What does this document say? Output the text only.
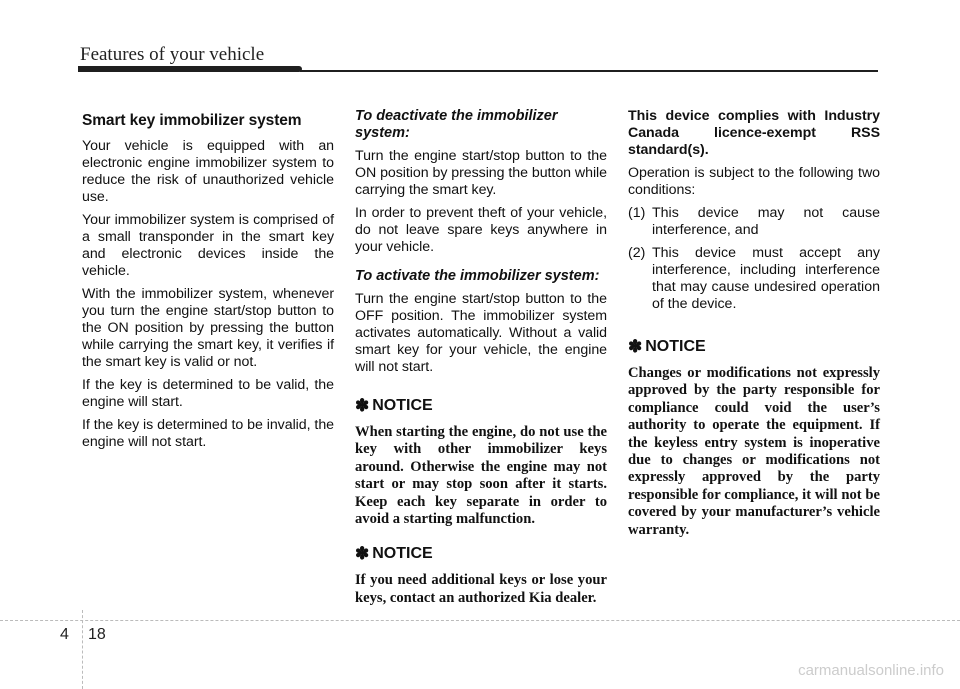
Features of your vehicle
Smart key immobilizer system

Your vehicle is equipped with an electronic engine immobilizer system to reduce the risk of unauthorized vehicle use.

Your immobilizer system is comprised of a small transponder in the smart key and electronic devices inside the vehicle.

With the immobilizer system, whenever you turn the engine start/stop button to the ON position by pressing the button while carrying the smart key, it verifies if the smart key is valid or not.

If the key is determined to be valid, the engine will start.

If the key is determined to be invalid, the engine will not start.

To deactivate the immobilizer system:

Turn the engine start/stop button to the ON position by pressing the button while carrying the smart key.

In order to prevent theft of your vehicle, do not leave spare keys anywhere in your vehicle.

To activate the immobilizer system:

Turn the engine start/stop button to the OFF position. The immobilizer system activates automatically. Without a valid smart key for your vehicle, the engine will not start.

✽ NOTICE

When starting the engine, do not use the key with other immobilizer keys around. Otherwise the engine may not start or may stop soon after it starts. Keep each key separate in order to avoid a starting malfunction.

✽ NOTICE

If you need additional keys or lose your keys, contact an authorized Kia dealer.

This device complies with Industry Canada licence-exempt RSS standard(s).

Operation is subject to the following two conditions:

(1) This device may not cause interference, and
(2) This device must accept any interference, including interference that may cause undesired operation of the device.
✽ NOTICE

Changes or modifications not expressly approved by the party responsible for compliance could void the user’s authority to operate the equipment. If the keyless entry system is inoperative due to changes or modifications not expressly approved by the party responsible for compliance, it will not be covered by your manufacturer’s vehicle warranty.

4 18
carmanualsonline.info
